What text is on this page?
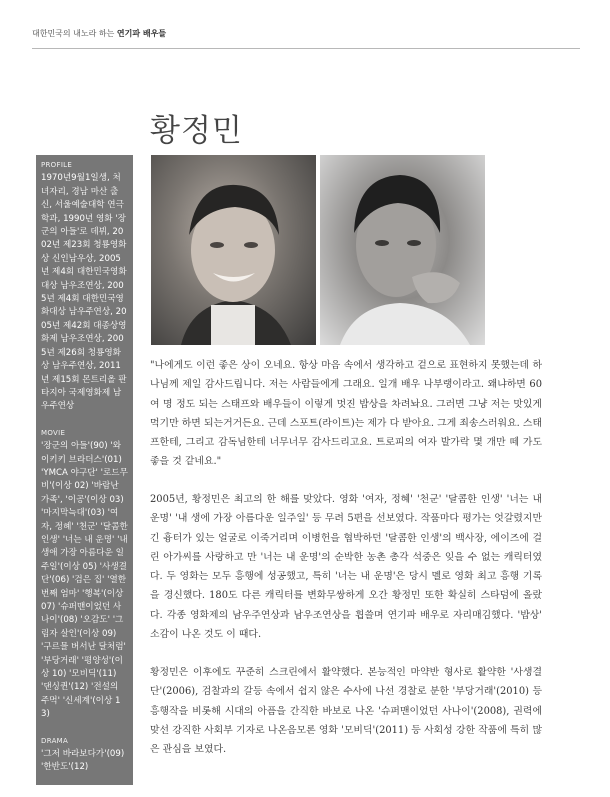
대한민국의 내노라 하는 연기파 배우들
황정민
PROFILE
1970년9월1일생, 처녀자리, 경남 마산 출신, 서울예술대학 연극학과, 1990년 영화 '장군의 아들'로 데뷔, 2002년 제23회 청룡영화상 신인남우상, 2005년 제4회 대한민국영화대상 남우조연상, 2005년 제4회 대한민국영화대상 남우주연상, 2005년 제42회 대종상영화제 남우조연상, 2005년 제26회 청룡영화상 남우주연상, 2011년 제15회 몬트리올 판타지아 국제영화제 남우주연상
MOVIE
'장군의 아들'(90) '와이키키 브라더스'(01) 'YMCA 야구단' '로드무비'(이상 02) '바람난 가족', '이공'(이상 03) '마지막늑대'(03) '여자, 정혜' '천군' '달콤한 인생' '너는 내 운명' '내 생애 가장 아름다운 일주일'(이상 05) '사생결단'(06) '검은 집' '열한번째 엄마' '행복'(이상 07) '슈퍼맨이었던 사나이'(08) '오감도' '그림자 살인'(이상 09) '구르믈 버서난 달처럼' '부당거래' '평양성'(이상 10) '모비딕'(11) '댄싱퀸'(12) '전설의 주먹' '신세계'(이상 13)
DRAMA
'그저 바라보다가'(09) '한반도'(12)

"나에게도 이런 좋은 상이 오네요. 항상 마음 속에서 생각하고 겉으로 표현하지 못했는데 하나님께 제일 감사드립니다. 저는 사람들에게 그래요. 일개 배우 나부랭이라고. 왜냐하면 60여 명 정도 되는 스태프와 배우들이 이렇게 멋진 밥상을 차려놔요. 그러면 그냥 저는 맛있게 먹기만 하면 되는거거든요. 근데 스포트(라이트)는 제가 다 받아요. 그게 죄송스러워요. 스태프한테, 그리고 감독님한테 너무너무 감사드리고요. 트로피의 여자 발가락 몇 개만 떼 가도 좋을 것 같네요."

2005년, 황정민은 최고의 한 해를 맞았다. 영화 '여자, 정혜' '천군' '달콤한 인생' '너는 내 운명' '내 생에 가장 아름다운 일주일' 등 무려 5편을 선보였다. 작품마다 평가는 엇갈렸지만 긴 흉터가 있는 얼굴로 이죽거리며 이병헌을 협박하던 '달콤한 인생'의 백사장, 에이즈에 걸린 아가씨를 사랑하고 만 '너는 내 운명'의 순박한 농촌 총각 석중은 잊을 수 없는 캐릭터였다. 두 영화는 모두 흥행에 성공했고, 특히 '너는 내 운명'은 당시 멜로 영화 최고 흥행 기록을 경신했다. 180도 다른 캐릭터를 변화무쌍하게 오간 황정민 또한 확실히 스타덤에 올랐다. 각종 영화제의 남우주연상과 남우조연상을 휩쓸며 연기파 배우로 자리매김했다. '밥상' 소감이 나온 것도 이 때다.

황정민은 이후에도 꾸준히 스크린에서 활약했다. 본능적인 마약반 형사로 활약한 '사생결단'(2006), 검찰과의 갈등 속에서 쉽지 않은 수사에 나선 경찰로 분한 '부당거래'(2010) 등 흥행작을 비롯해 시대의 아픔을 간직한 바보로 나온 '슈퍼맨이었던 사나이'(2008), 권력에 맞선 강직한 사회부 기자로 나온음모론 영화 '모비딕'(2011) 등 사회성 강한 작품에 특히 많은 관심을 보였다.
